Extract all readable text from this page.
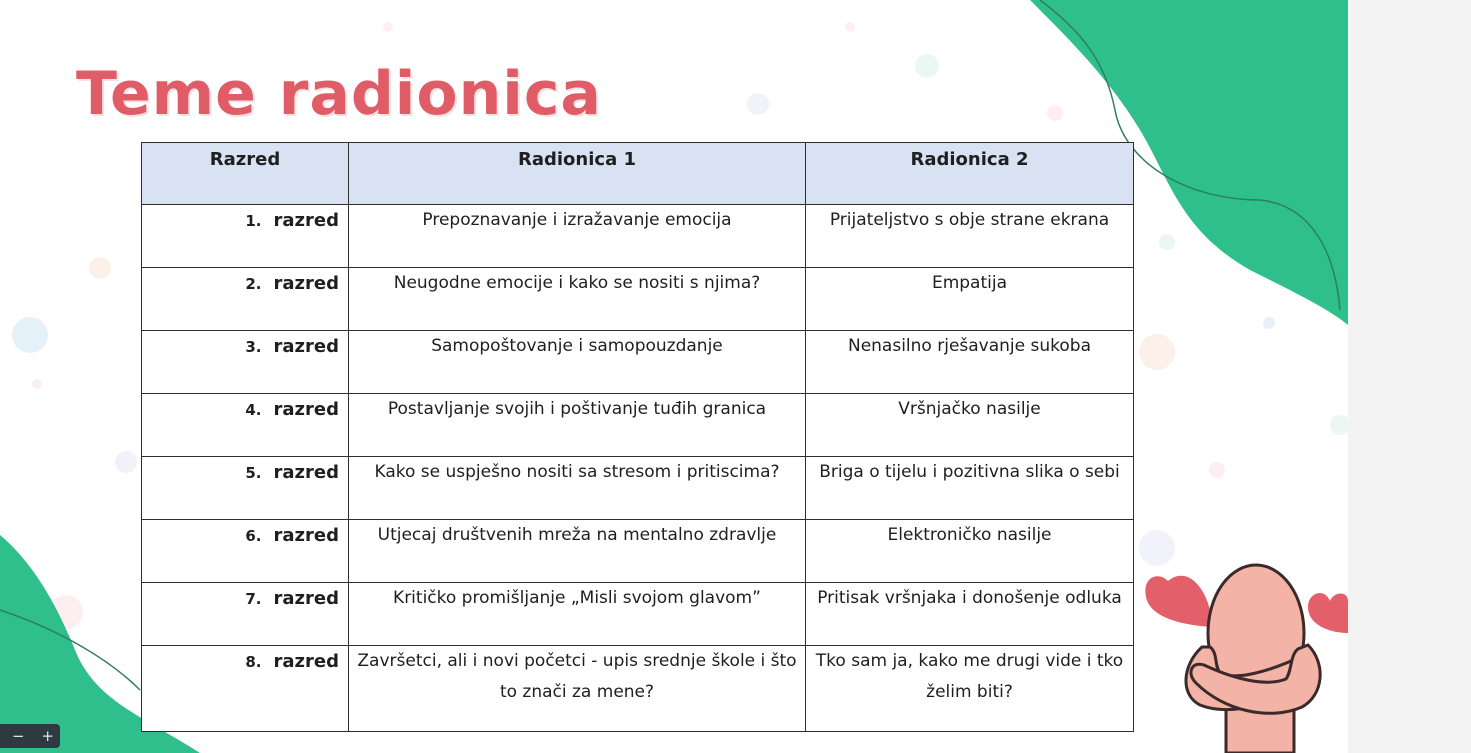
Teme radionica
Razred	Radionica 1	Radionica 2
1. razred	Prepoznavanje i izražavanje emocija	Prijateljstvo s obje strane ekrana
2. razred	Neugodne emocije i kako se nositi s njima?	Empatija
3. razred	Samopoštovanje i samopouzdanje	Nenasilno rješavanje sukoba
4. razred	Postavljanje svojih i poštivanje tuđih granica	Vršnjačko nasilje
5. razred	Kako se uspješno nositi sa stresom i pritiscima?	Briga o tijelu i pozitivna slika o sebi
6. razred	Utjecaj društvenih mreža na mentalno zdravlje	Elektroničko nasilje
7. razred	Kritičko promišljanje „Misli svojom glavom”	Pritisak vršnjaka i donošenje odluka
8. razred	Završetci, ali i novi početci - upis srednje škole i što to znači za mene?	Tko sam ja, kako me drugi vide i tko želim biti?
− +
